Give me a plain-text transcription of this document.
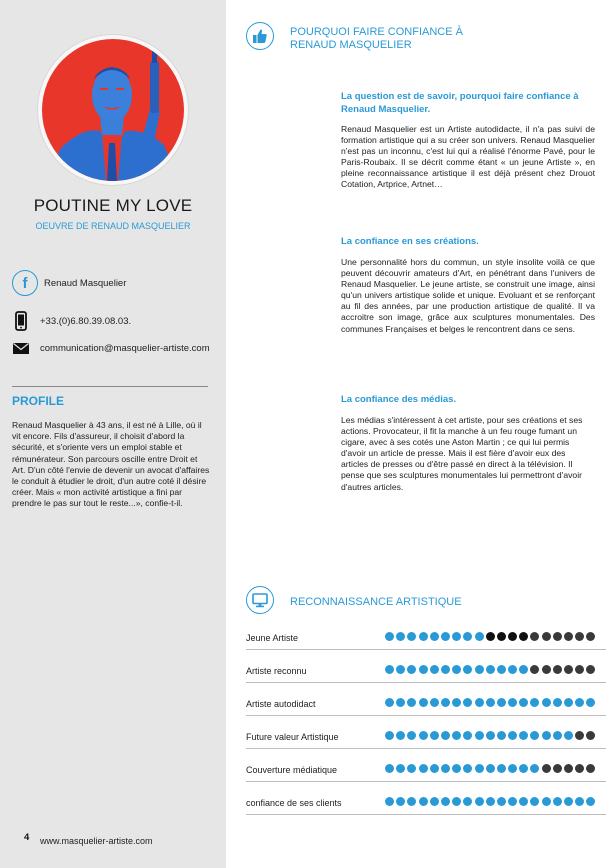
POUTINE MY LOVE
OEUVRE DE RENAUD MASQUELIER
f	Renaud Masquelier
+33.(0)6.80.39.08.03.
communication@masquelier-artiste.com
PROFILE
Renaud Masquelier à 43 ans, il est né à Lille, où il vit encore. Fils d'assureur, il choisit d'abord la sécurité, et s'oriente vers un emploi stable et rémunérateur. Son parcours oscille entre Droit et Art. D'un côté l'envie de devenir un avocat d'affaires le conduit à étudier le droit, d'un autre coté il désire créer. Mais « mon activité artistique a fini par prendre le pas sur tout le reste...», confie-t-il.
4 www.masquelier-artiste.com
POURQUOI FAIRE CONFIANCE À
RENAUD MASQUELIER
La question est de savoir, pourquoi faire confiance à Renaud Masquelier.
Renaud Masquelier est un Artiste autodidacte, il n'a pas suivi de formation artistique qui a su créer son univers. Renaud Masquelier n'est pas un inconnu, c'est lui qui a réalisé l'énorme Pavé, pour le Paris-Roubaix. Il se décrit comme étant « un jeune Artiste », en pleine reconnaissance artistique il est déjà présent chez Drouot Cotation, Artprice, Artnet…
La confiance en ses créations.
Une personnalité hors du commun, un style insolite voilà ce que peuvent découvrir amateurs d'Art, en pénétrant dans l'univers de Renaud Masquelier. Le jeune artiste, se construit une image, ainsi qu'un univers artistique solide et unique. Evoluant et se renforçant au fil des années, par une production artistique de qualité. Il va accroitre son image, grâce aux sculptures monumentales. Des communes Françaises et belges le rencontrent dans ce sens.
La confiance des médias.
Les médias s'intéressent à cet artiste, pour ses créations et ses actions. Provocateur, il fit la manche à un feu rouge fumant un cigare, avec à ses cotés une Aston Martin ; ce qui lui permis d'avoir un article de presse. Mais il est fière d'avoir eux des articles de presses ou d'être passé en direct à la télévision. Il pense que ses sculptures monumentales lui permettront d'avoir d'autres articles.
RECONNAISSANCE ARTISTIQUE
Jeune Artiste
Artiste reconnu
Artiste autodidact
Future valeur Artistique
Couverture médiatique
confiance de ses clients
